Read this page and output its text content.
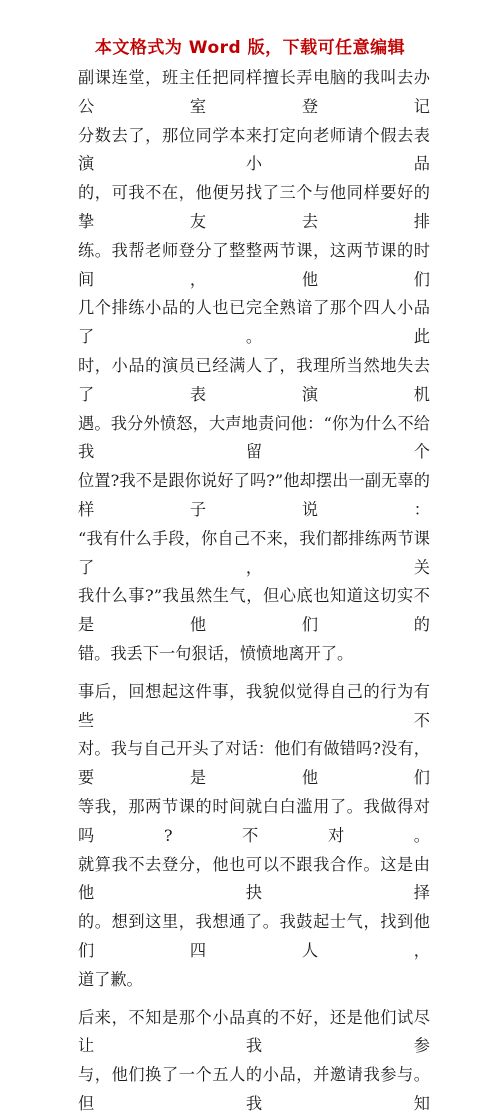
本文格式为 Word 版，下载可任意编辑

副课连堂，班主任把同样擅长弄电脑的我叫去办公室登记

分数去了，那位同学本来打定向老师请个假去表演小品

的，可我不在，他便另找了三个与他同样要好的挚友去排

练。我帮老师登分了整整两节课，这两节课的时间，他们

几个排练小品的人也已完全熟谙了那个四人小品了。此

时，小品的演员已经满人了，我理所当然地失去了表演机

遇。我分外愤怒，大声地责问他：“你为什么不给我留个

位置?我不是跟你说好了吗?”他却摆出一副无辜的样子说：

“我有什么手段，你自己不来，我们都排练两节课了，关

我什么事?”我虽然生气，但心底也知道这切实不是他们的

错。我丢下一句狠话，愤愤地离开了。

事后，回想起这件事，我貌似觉得自己的行为有些不

对。我与自己开头了对话：他们有做错吗?没有，要是他们

等我，那两节课的时间就白白滥用了。我做得对吗?不对。

就算我不去登分，他也可以不跟我合作。这是由他抉择

的。想到这里，我想通了。我鼓起士气，找到他们四人，

道了歉。

后来，不知是那个小品真的不好，还是他们试尽让我参

与，他们换了一个五人的小品，并邀请我参与。但我知
